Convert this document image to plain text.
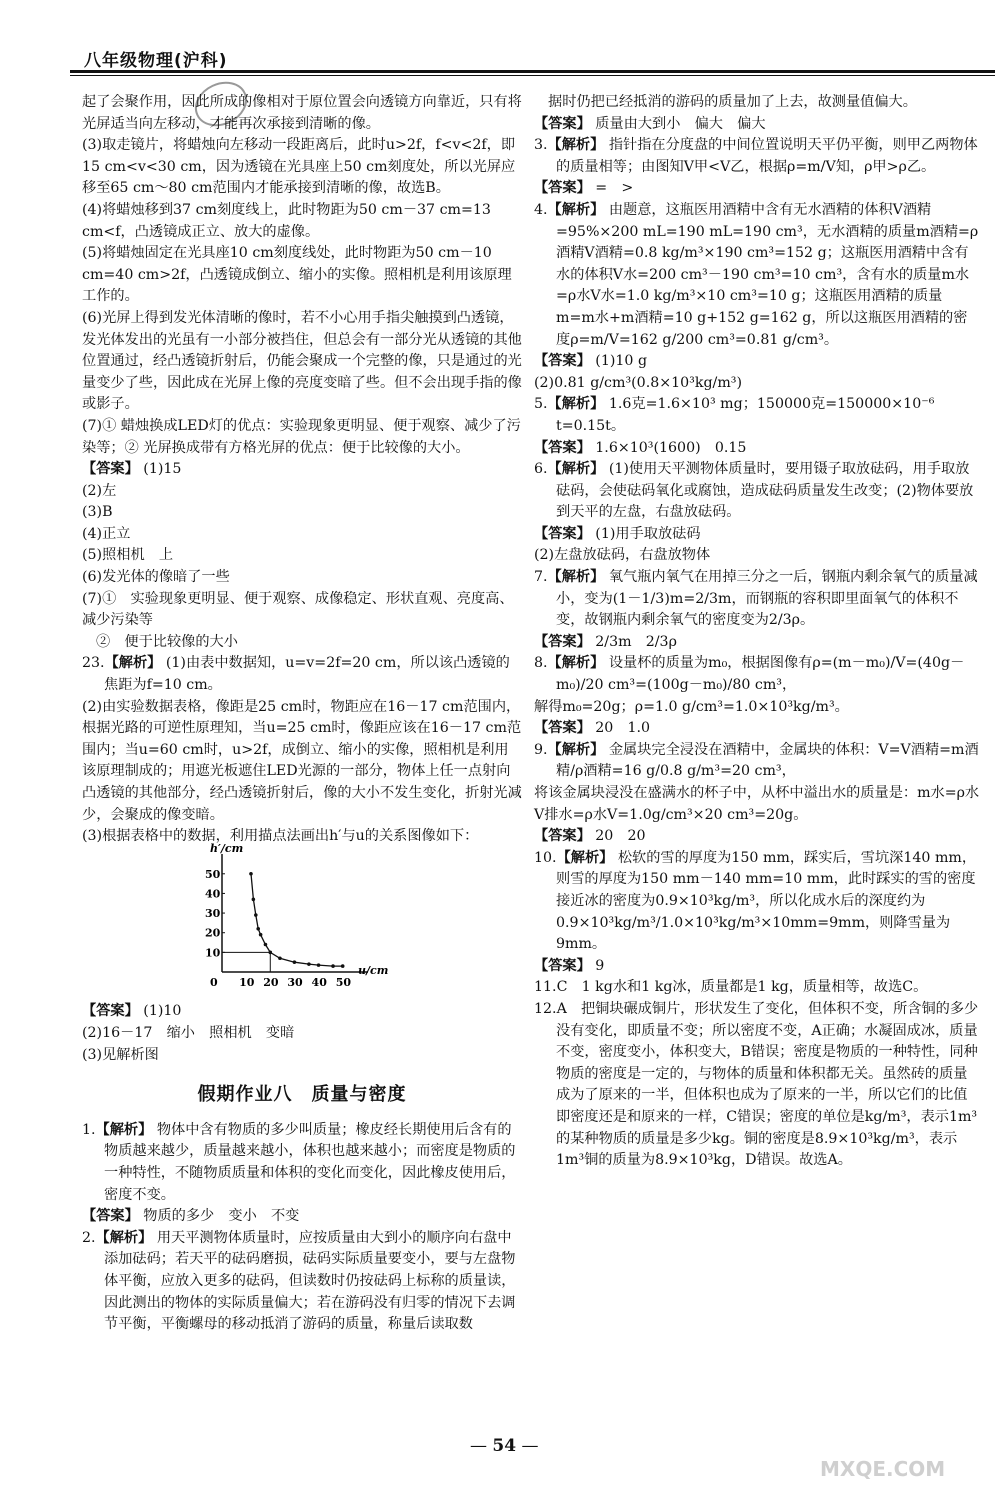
八年级物理(沪科)

起了会聚作用，因此所成的像相对于原位置会向透镜方向靠近，只有将光屏适当向左移动，才能再次承接到清晰的像。

(3)取走镜片，将蜡烛向左移动一段距离后，此时u>2f，f<v<2f，即15 cm<v<30 cm，因为透镜在光具座上50 cm刻度处，所以光屏应移至65 cm～80 cm范围内才能承接到清晰的像，故选B。

(4)将蜡烛移到37 cm刻度线上，此时物距为50 cm－37 cm=13 cm<f，凸透镜成正立、放大的虚像。

(5)将蜡烛固定在光具座10 cm刻度线处，此时物距为50 cm－10 cm=40 cm>2f，凸透镜成倒立、缩小的实像。照相机是利用该原理工作的。

(6)光屏上得到发光体清晰的像时，若不小心用手指尖触摸到凸透镜，发光体发出的光虽有一小部分被挡住，但总会有一部分光从透镜的其他位置通过，经凸透镜折射后，仍能会聚成一个完整的像，只是通过的光量变少了些，因此成在光屏上像的亮度变暗了些。但不会出现手指的像或影子。

(7)① 蜡烛换成LED灯的优点：实验现象更明显、便于观察、减少了污染等；② 光屏换成带有方格光屏的优点：便于比较像的大小。

【答案】 (1)15

(2)左

(3)B

(4)正立

(5)照相机　上

(6)发光体的像暗了一些

(7)①　实验现象更明显、便于观察、成像稳定、形状直观、亮度高、减少污染等

②　便于比较像的大小

23.【解析】 (1)由表中数据知，u=v=2f=20 cm，所以该凸透镜的焦距为f=10 cm。

(2)由实验数据表格，像距是25 cm时，物距应在16－17 cm范围内，根据光路的可逆性原理知，当u=25 cm时，像距应该在16－17 cm范围内；当u=60 cm时，u>2f，成倒立、缩小的实像，照相机是利用该原理制成的；用遮光板遮住LED光源的一部分，物体上任一点射向凸透镜的其他部分，经凸透镜折射后，像的大小不发生变化，折射光减少，会聚成的像变暗。

(3)根据表格中的数据，利用描点法画出h′与u的关系图像如下：

h′/cm
u/cm
0 10 20 30 40 50
10
20
30
40
50

【答案】 (1)10

(2)16－17　缩小　照相机　变暗

(3)见解析图

假期作业八　质量与密度

1.【解析】 物体中含有物质的多少叫质量；橡皮经长期使用后含有的物质越来越少，质量越来越小，体积也越来越小；而密度是物质的一种特性，不随物质质量和体积的变化而变化，因此橡皮使用后，密度不变。

【答案】 物质的多少　变小　不变

2.【解析】 用天平测物体质量时，应按质量由大到小的顺序向右盘中添加砝码；若天平的砝码磨损，砝码实际质量要变小，要与左盘物体平衡，应放入更多的砝码，但读数时仍按砝码上标称的质量读，因此测出的物体的实际质量偏大；若在游码没有归零的情况下去调节平衡，平衡螺母的移动抵消了游码的质量，称量后读取数

据时仍把已经抵消的游码的质量加了上去，故测量值偏大。

【答案】 质量由大到小　偏大　偏大

3.【解析】 指针指在分度盘的中间位置说明天平仍平衡，则甲乙两物体的质量相等；由图知V甲<V乙，根据ρ=m/V知，ρ甲>ρ乙。

【答案】 =　>

4.【解析】 由题意，这瓶医用酒精中含有无水酒精的体积V酒精=95%×200 mL=190 mL=190 cm³，无水酒精的质量m酒精=ρ酒精V酒精=0.8 kg/m³×190 cm³=152 g；这瓶医用酒精中含有水的体积V水=200 cm³－190 cm³=10 cm³，含有水的质量m水=ρ水V水=1.0 kg/m³×10 cm³=10 g；这瓶医用酒精的质量m=m水+m酒精=10 g+152 g=162 g，所以这瓶医用酒精的密度ρ=m/V=162 g/200 cm³=0.81 g/cm³。

【答案】 (1)10 g

(2)0.81 g/cm³(0.8×10³kg/m³)

5.【解析】 1.6克=1.6×10³ mg；150000克=150000×10⁻⁶ t=0.15t。

【答案】 1.6×10³(1600)　0.15

6.【解析】 (1)使用天平测物体质量时，要用镊子取放砝码，用手取放砝码，会使砝码氧化或腐蚀，造成砝码质量发生改变；(2)物体要放到天平的左盘，右盘放砝码。

【答案】 (1)用手取放砝码

(2)左盘放砝码，右盘放物体

7.【解析】 氧气瓶内氧气在用掉三分之一后，钢瓶内剩余氧气的质量减小，变为(1－1/3)m=2/3m，而钢瓶的容积即里面氧气的体积不变，故钢瓶内剩余氧气的密度变为2/3ρ。

【答案】 2/3m　2/3ρ

8.【解析】 设量杯的质量为m₀，根据图像有ρ=(m－m₀)/V=(40g－m₀)/20 cm³=(100g－m₀)/80 cm³，

解得m₀=20g；ρ=1.0 g/cm³=1.0×10³kg/m³。

【答案】 20　1.0

9.【解析】 金属块完全浸没在酒精中，金属块的体积：V=V酒精=m酒精/ρ酒精=16 g/0.8 g/m³=20 cm³，

将该金属块浸没在盛满水的杯子中，从杯中溢出水的质量是：m水=ρ水V排水=ρ水V=1.0g/cm³×20 cm³=20g。

【答案】 20　20

10.【解析】 松软的雪的厚度为150 mm，踩实后，雪坑深140 mm，则雪的厚度为150 mm－140 mm=10 mm，此时踩实的雪的密度接近冰的密度为0.9×10³kg/m³，所以化成水后的深度约为0.9×10³kg/m³/1.0×10³kg/m³×10mm=9mm，则降雪量为9mm。

【答案】 9

11.C　1 kg水和1 kg冰，质量都是1 kg，质量相等，故选C。

12.A　把铜块碾成铜片，形状发生了变化，但体积不变，所含铜的多少没有变化，即质量不变；所以密度不变，A正确；水凝固成冰，质量不变，密度变小，体积变大，B错误；密度是物质的一种特性，同种物质的密度是一定的，与物体的质量和体积都无关。虽然砖的质量成为了原来的一半，但体积也成为了原来的一半，所以它们的比值即密度还是和原来的一样，C错误；密度的单位是kg/m³，表示1m³的某种物质的质量是多少kg。铜的密度是8.9×10³kg/m³，表示1m³铜的质量为8.9×10³kg，D错误。故选A。

— 54 —
MXQE.COM
